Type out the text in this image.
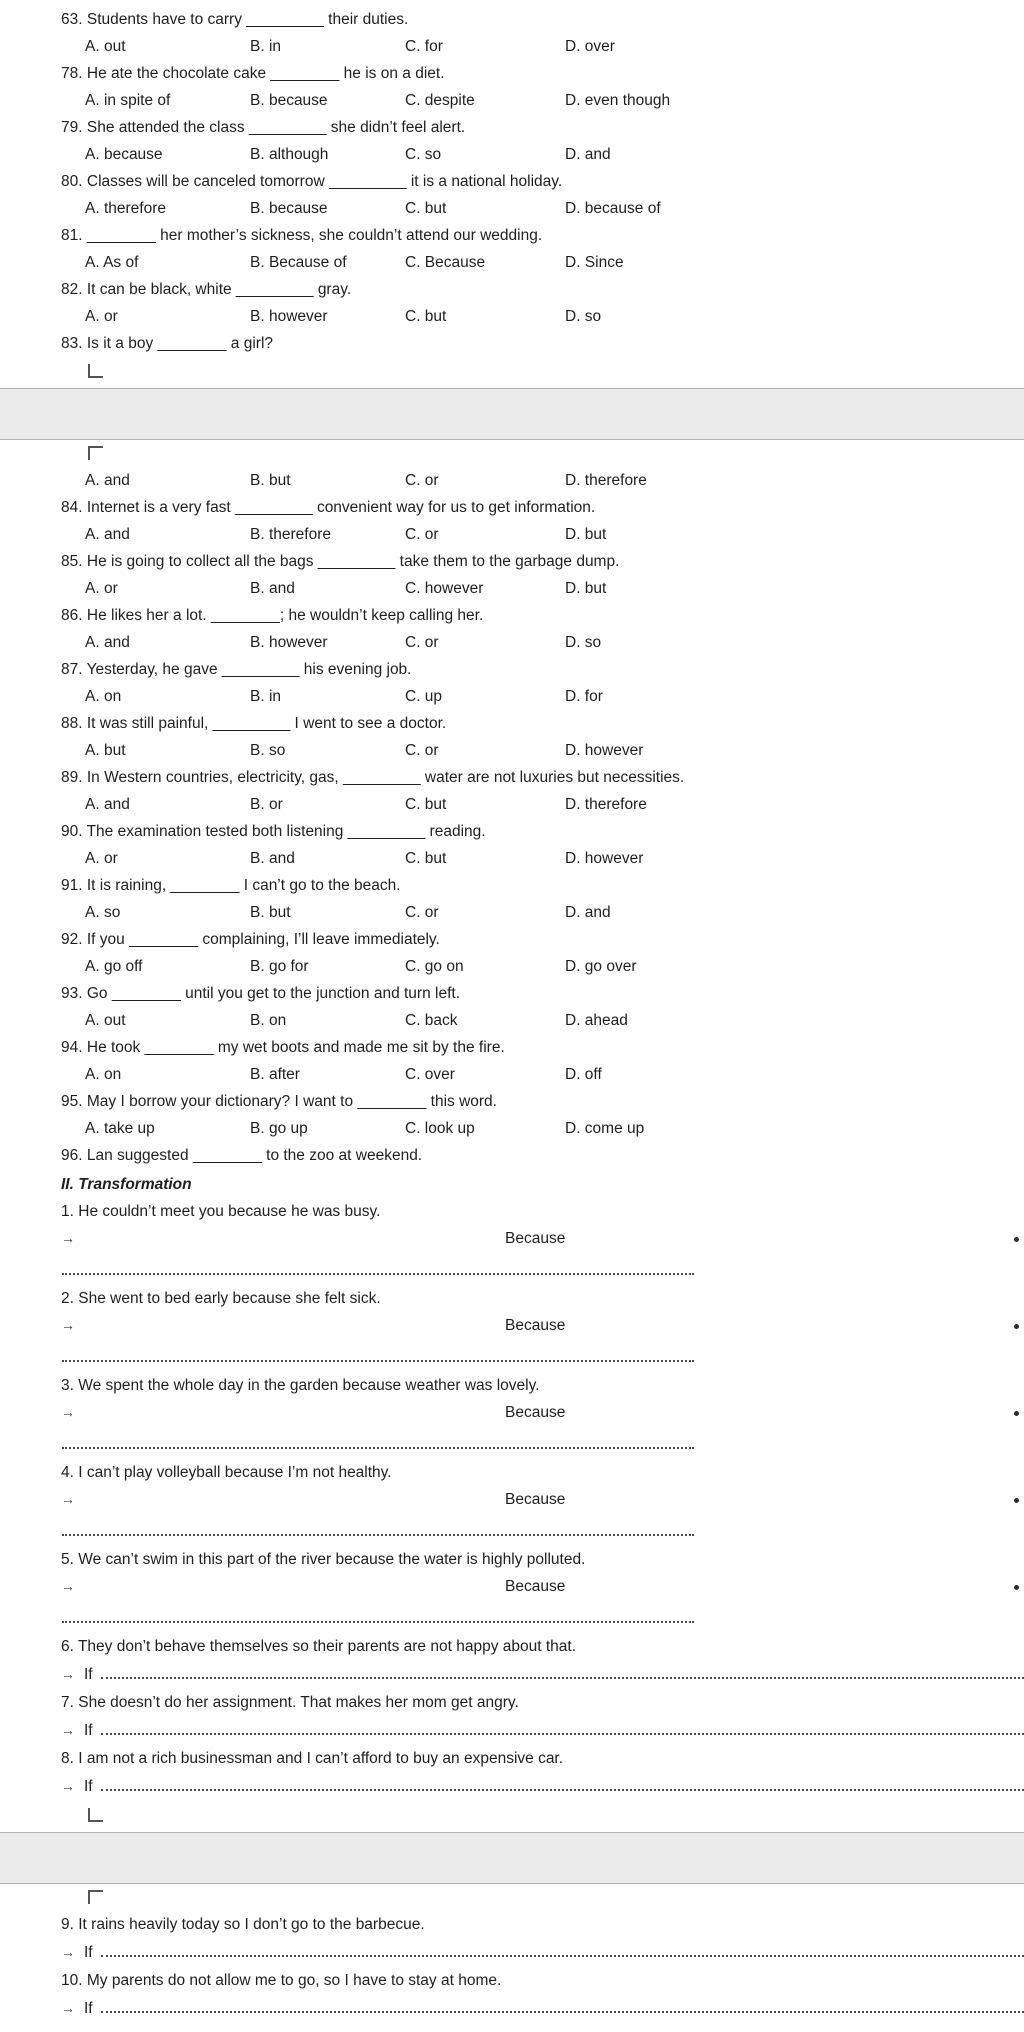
63. Students have to carry _________ their duties.
A. out	B. in	C. for	D. over
78. He ate the chocolate cake ________ he is on a diet.
A. in spite of	B. because	C. despite	D. even though
79. She attended the class _________ she didn’t feel alert.
A. because	B. although	C. so	D. and
80. Classes will be canceled tomorrow _________ it is a national holiday.
A. therefore	B. because	C. but	D. because of
81. ________ her mother’s sickness, she couldn’t attend our wedding.
A. As of	B. Because of	C. Because	D. Since
82. It can be black, white _________ gray.
A. or	B. however	C. but	D. so
83. Is it a boy ________ a girl?
A. and	B. but	C. or	D. therefore
84. Internet is a very fast _________ convenient way for us to get information.
A. and	B. therefore	C. or	D. but
85. He is going to collect all the bags _________ take them to the garbage dump.
A. or	B. and	C. however	D. but
86. He likes her a lot. ________; he wouldn’t keep calling her.
A. and	B. however	C. or	D. so
87. Yesterday, he gave _________ his evening job.
A. on	B. in	C. up	D. for
88. It was still painful, _________ I went to see a doctor.
A. but	B. so	C. or	D. however
89. In Western countries, electricity, gas, _________ water are not luxuries but necessities.
A. and	B. or	C. but	D. therefore
90. The examination tested both listening _________ reading.
A. or	B. and	C. but	D. however
91. It is raining, ________ I can’t go to the beach.
A. so	B. but	C. or	D. and
92. If you ________ complaining, I’ll leave immediately.
A. go off	B. go for	C. go on	D. go over
93. Go ________ until you get to the junction and turn left.
A. out	B. on	C. back	D. ahead
94. He took ________ my wet boots and made me sit by the fire.
A. on	B. after	C. over	D. off
95. May I borrow your dictionary? I want to ________ this word.
A. take up	B. go up	C. look up	D. come up
96. Lan suggested ________ to the zoo at weekend.
II. Transformation
1. He couldn’t meet you because he was busy.
→	Because
2. She went to bed early because she felt sick.
→	Because
3. We spent the whole day in the garden because weather was lovely.
→	Because
4. I can’t play volleyball because I’m not healthy.
→	Because
5. We can’t swim in this part of the river because the water is highly polluted.
→	Because
6. They don’t behave themselves so their parents are not happy about that.
→ If
7. She doesn’t do her assignment. That makes her mom get angry.
→ If
8. I am not a rich businessman and I can’t afford to buy an expensive car.
→ If
9. It rains heavily today so I don’t go to the barbecue.
→ If
10. My parents do not allow me to go, so I have to stay at home.
→ If
